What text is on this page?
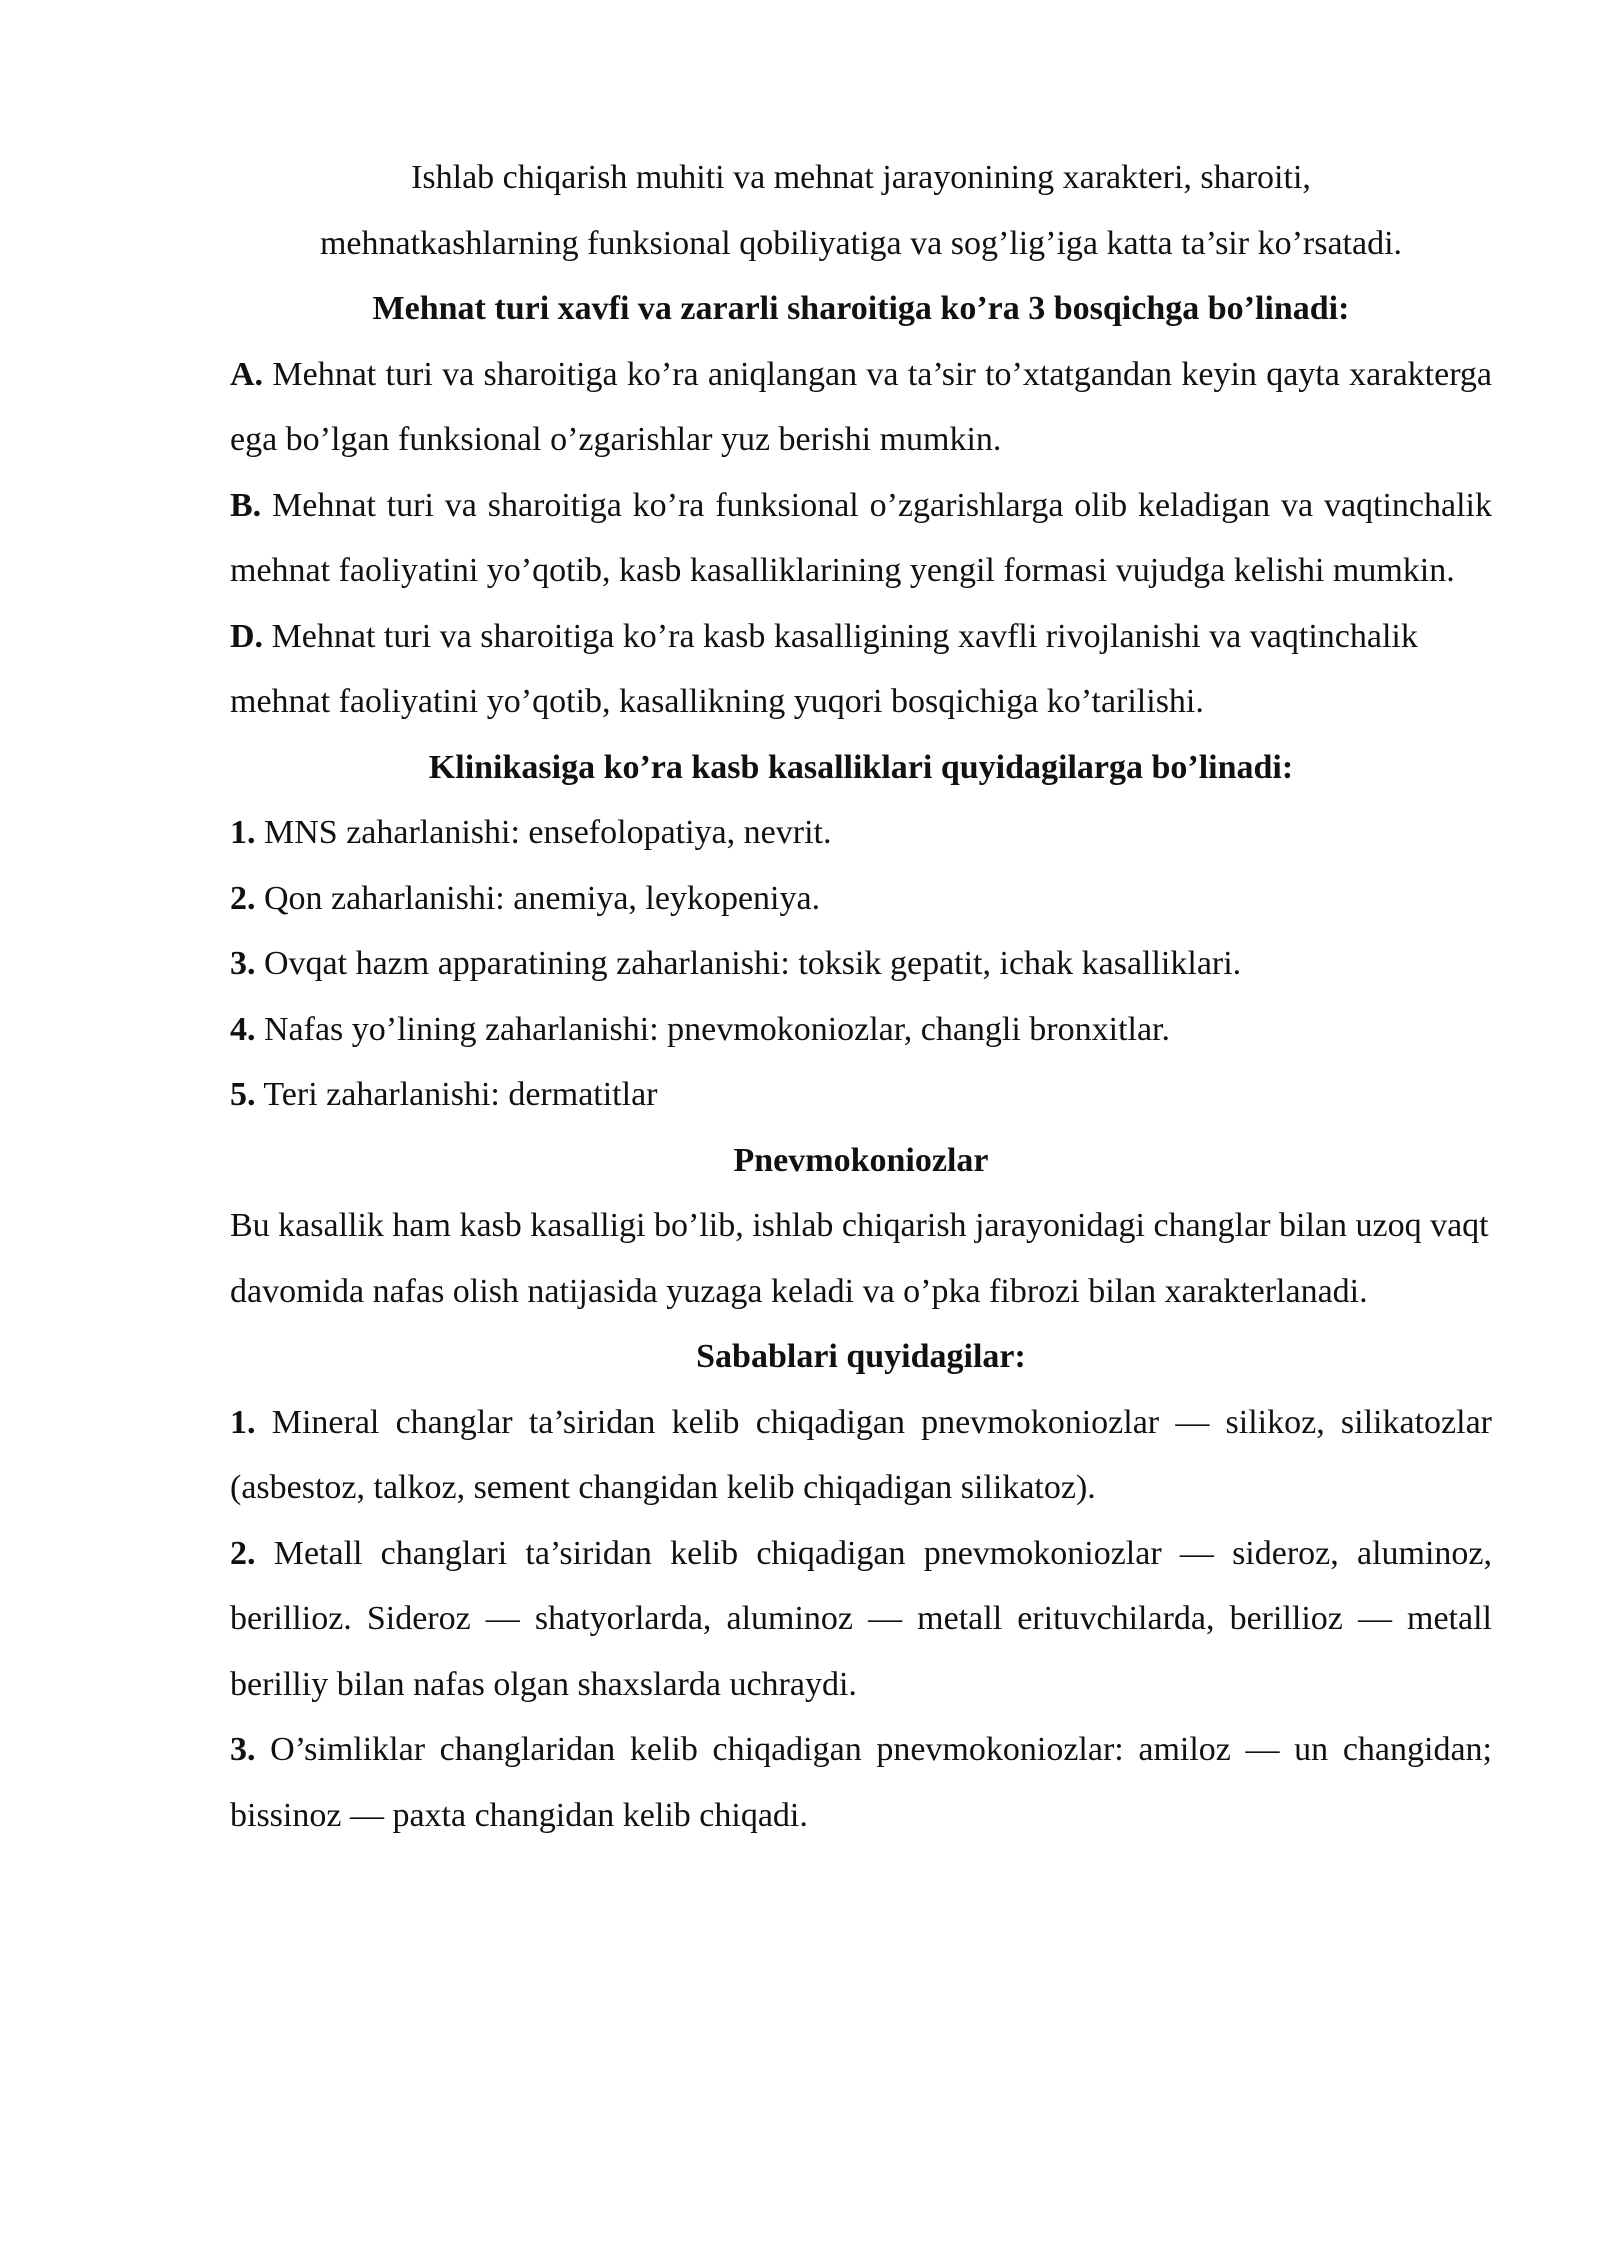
Ishlab chiqarish muhiti va mehnat jarayonining xarakteri, sharoiti,

mehnatkashlarning funksional qobiliyatiga va sog’lig’iga katta ta’sir ko’rsatadi.

Mehnat turi xavfi va zararli sharoitiga ko’ra 3 bosqichga bo’linadi:

A. Mehnat turi va sharoitiga ko’ra aniqlangan va ta’sir to’xtatgandan keyin qayta xarakterga ega bo’lgan funksional o’zgarishlar yuz berishi mumkin.

B. Mehnat turi va sharoitiga ko’ra funksional o’zgarishlarga olib keladigan va vaqtinchalik mehnat faoliyatini yo’qotib, kasb kasalliklarining yengil formasi vujudga kelishi mumkin.

D. Mehnat turi va sharoitiga ko’ra kasb kasalligining xavfli rivojlanishi va vaqtinchalik mehnat faoliyatini yo’qotib, kasallikning yuqori bosqichiga ko’tarilishi.

Klinikasiga ko’ra kasb kasalliklari quyidagilarga bo’linadi:

1. MNS zaharlanishi: ensefolopatiya, nevrit.

2. Qon zaharlanishi: anemiya, leykopeniya.

3. Ovqat hazm apparatining zaharlanishi: toksik gepatit, ichak kasalliklari.

4. Nafas yo’lining zaharlanishi: pnevmokoniozlar, changli bronxitlar.

5. Teri zaharlanishi: dermatitlar

Pnevmokoniozlar

Bu kasallik ham kasb kasalligi bo’lib, ishlab chiqarish jarayonidagi changlar bilan uzoq vaqt davomida nafas olish natijasida yuzaga keladi va o’pka fibrozi bilan xarakterlanadi.

Sabablari quyidagilar:

1. Mineral changlar ta’siridan kelib chiqadigan pnevmokoniozlar — silikoz, silikatozlar (asbestoz, talkoz, sement changidan kelib chiqadigan silikatoz).

2. Metall changlari ta’siridan kelib chiqadigan pnevmokoniozlar — sideroz, aluminoz, berillioz. Sideroz — shatyorlarda, aluminoz — metall erituvchilarda, berillioz — metall berilliy bilan nafas olgan shaxslarda uchraydi.

3. O’simliklar changlaridan kelib chiqadigan pnevmokoniozlar: amiloz — un changidan; bissinoz — paxta changidan kelib chiqadi.
